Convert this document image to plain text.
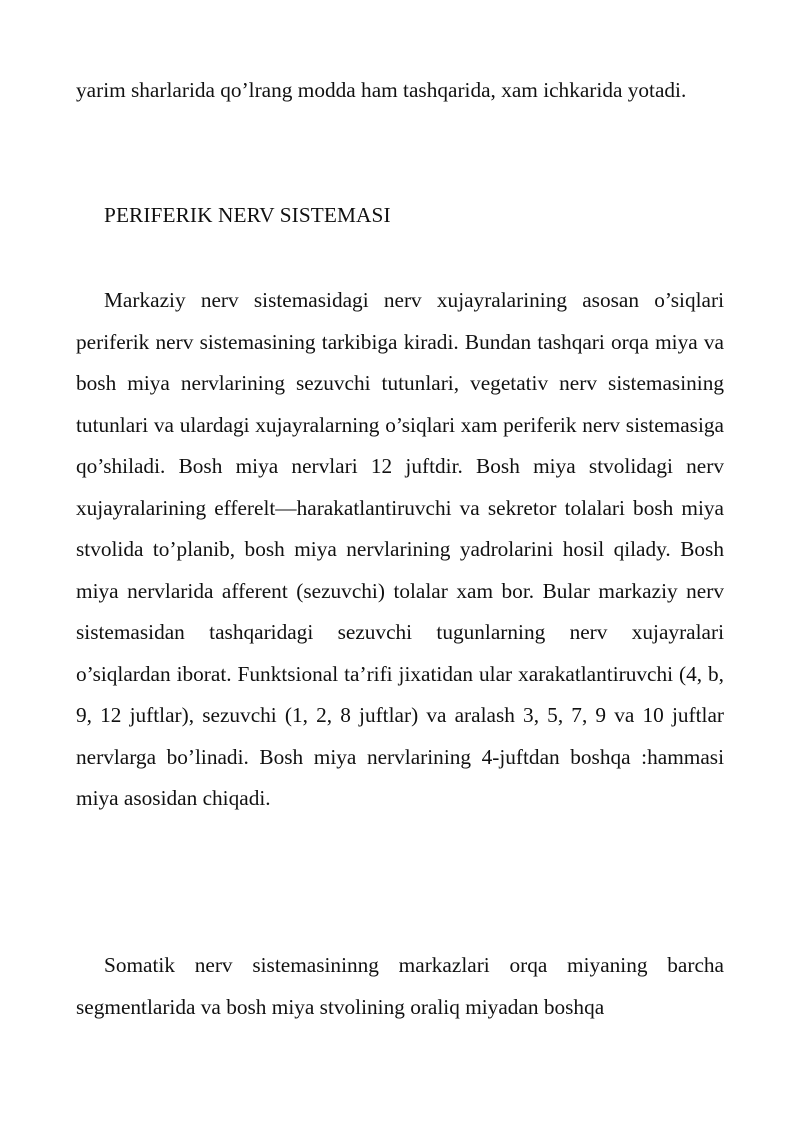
yarim sharlarida qo’lrang modda ham tashqarida, xam ichkarida yotadi.

PERIFERIK NERV SISTEMASI

Markaziy nerv sistemasidagi nerv xujayralarining asosan o’siqlari periferik nerv sistemasining tarkibiga kiradi. Bundan tashqari orqa miya va bosh miya nervlarining sezuvchi tutunlari, vegetativ nerv sistemasining tutunlari va ulardagi xujayralarning o’siqlari xam periferik nerv sistemasiga qo’shiladi. Bosh miya nervlari 12 juftdir. Bosh miya stvolidagi nerv xujayralarining efferelt—harakatlantiruvchi va sekretor tolalari bosh miya stvolida to’planib, bosh miya nervlarining yadrolarini hosil qilady. Bosh miya nervlarida afferent (sezuvchi) tolalar xam bor. Bular markaziy nerv sistemasidan tashqaridagi sezuvchi tugunlarning nerv xujayralari o’siqlardan iborat. Funktsional ta’rifi jixatidan ular xarakatlantiruvchi (4, b, 9, 12 juftlar), sezuvchi (1, 2, 8 juftlar) va aralash 3, 5, 7, 9 va 10 juftlar nervlarga bo’linadi. Bosh miya nervlarining 4-juftdan boshqa :hammasi miya asosidan chiqadi.

Somatik nerv sistemasininng markazlari orqa miyaning barcha segmentlarida va bosh miya stvolining oraliq miyadan boshqa
